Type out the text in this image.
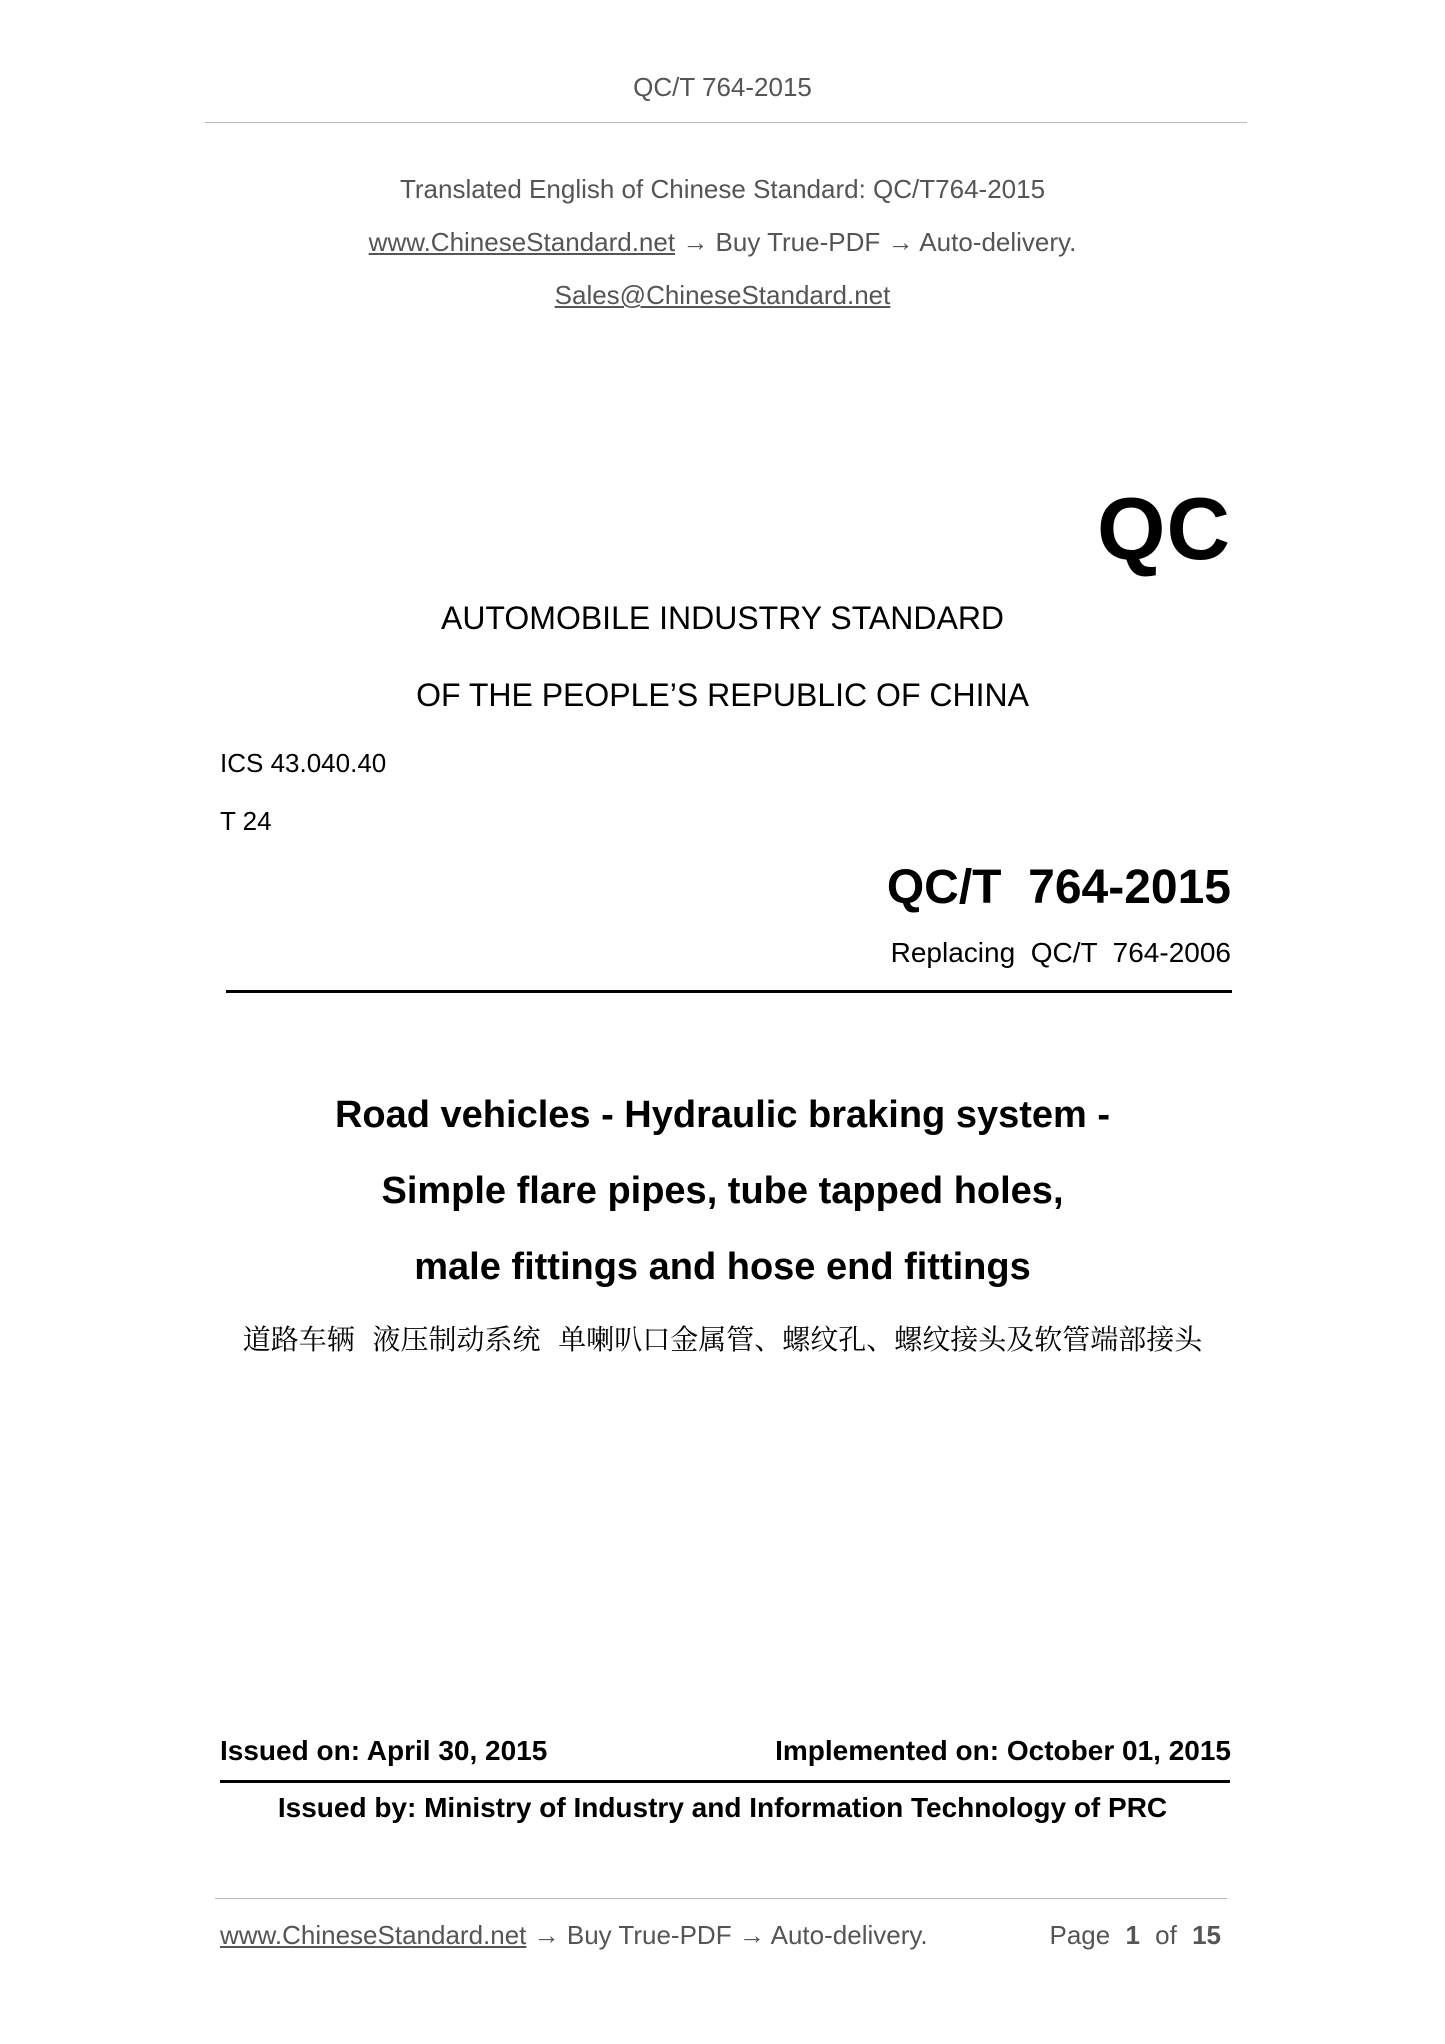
QC/T 764-2015
Translated English of Chinese Standard: QC/T764-2015
www.ChineseStandard.net → Buy True-PDF → Auto-delivery.
Sales@ChineseStandard.net
QC
AUTOMOBILE INDUSTRY STANDARD
OF THE PEOPLE’S REPUBLIC OF CHINA
ICS 43.040.40
T 24
QC/T  764-2015
Replacing  QC/T  764-2006
Road vehicles - Hydraulic braking system -
Simple flare pipes, tube tapped holes,
male fittings and hose end fittings
道路车辆  液压制动系统  单喇叭口金属管、螺纹孔、螺纹接头及软管端部接头
Issued on: April 30, 2015	Implemented on: October 01, 2015
Issued by: Ministry of Industry and Information Technology of PRC
www.ChineseStandard.net → Buy True-PDF → Auto-delivery.	Page 1 of 15
